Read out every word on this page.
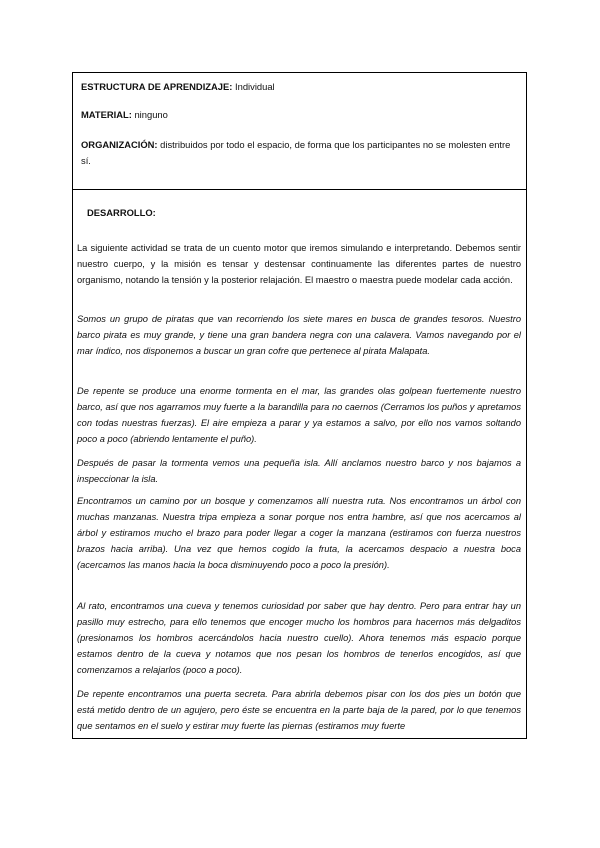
ESTRUCTURA DE APRENDIZAJE: Individual
MATERIAL: ninguno
ORGANIZACIÓN: distribuidos por todo el espacio, de forma que los participantes no se molesten entre sí.
DESARROLLO:

La siguiente actividad se trata de un cuento motor que iremos simulando e interpretando. Debemos sentir nuestro cuerpo, y la misión es tensar y destensar continuamente las diferentes partes de nuestro organismo, notando la tensión y la posterior relajación. El maestro o maestra puede modelar cada acción.

Somos un grupo de piratas que van recorriendo los siete mares en busca de grandes tesoros. Nuestro barco pirata es muy grande, y tiene una gran bandera negra con una calavera. Vamos navegando por el mar índico, nos disponemos a buscar un gran cofre que pertenece al pirata Malapata.

De repente se produce una enorme tormenta en el mar, las grandes olas golpean fuertemente nuestro barco, así que nos agarramos muy fuerte a la barandilla para no caernos (Cerramos los puños y apretamos con todas nuestras fuerzas). El aire empieza a parar y ya estamos a salvo, por ello nos vamos soltando poco a poco (abriendo lentamente el puño).

Después de pasar la tormenta vemos una pequeña isla. Allí anclamos nuestro barco y nos bajamos a inspeccionar la isla.

Encontramos un camino por un bosque y comenzamos allí nuestra ruta. Nos encontramos un árbol con muchas manzanas. Nuestra tripa empieza a sonar porque nos entra hambre, así que nos acercamos al árbol y estiramos mucho el brazo para poder llegar a coger la manzana (estiramos con fuerza nuestros brazos hacia arriba). Una vez que hemos cogido la fruta, la acercamos despacio a nuestra boca (acercamos las manos hacia la boca disminuyendo poco a poco la presión).

Al rato, encontramos una cueva y tenemos curiosidad por saber que hay dentro. Pero para entrar hay un pasillo muy estrecho, para ello tenemos que encoger mucho los hombros para hacernos más delgaditos (presionamos los hombros acercándolos hacia nuestro cuello). Ahora tenemos más espacio porque estamos dentro de la cueva y notamos que nos pesan los hombros de tenerlos encogidos, así que comenzamos a relajarlos (poco a poco).

De repente encontramos una puerta secreta. Para abrirla debemos pisar con los dos pies un botón que está metido dentro de un agujero, pero éste se encuentra en la parte baja de la pared, por lo que tenemos que sentamos en el suelo y estirar muy fuerte las piernas (estiramos muy fuerte
